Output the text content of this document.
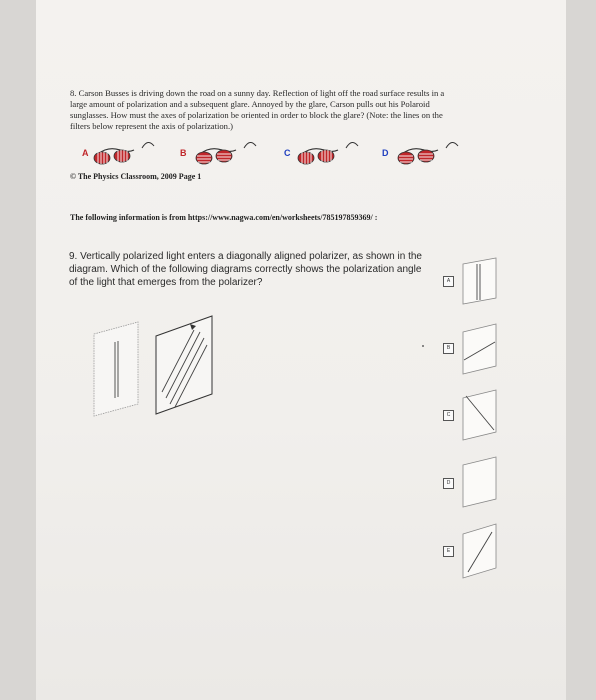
8. Carson Busses is driving down the road on a sunny day. Reflection of light off the road surface results in a large amount of polarization and a subsequent glare. Annoyed by the glare, Carson pulls out his Polaroid sunglasses. How must the axes of polarization be oriented in order to block the glare? (Note: the lines on the filters below represent the axis of polarization.)
A	B	C	D
© The Physics Classroom, 2009 Page 1
The following information is from https://www.nagwa.com/en/worksheets/785197859369/ :
9. Vertically polarized light enters a diagonally aligned polarizer, as shown in the diagram. Which of the following diagrams correctly shows the polarization angle of the light that emerges from the polarizer?	A
B
C
D
E
